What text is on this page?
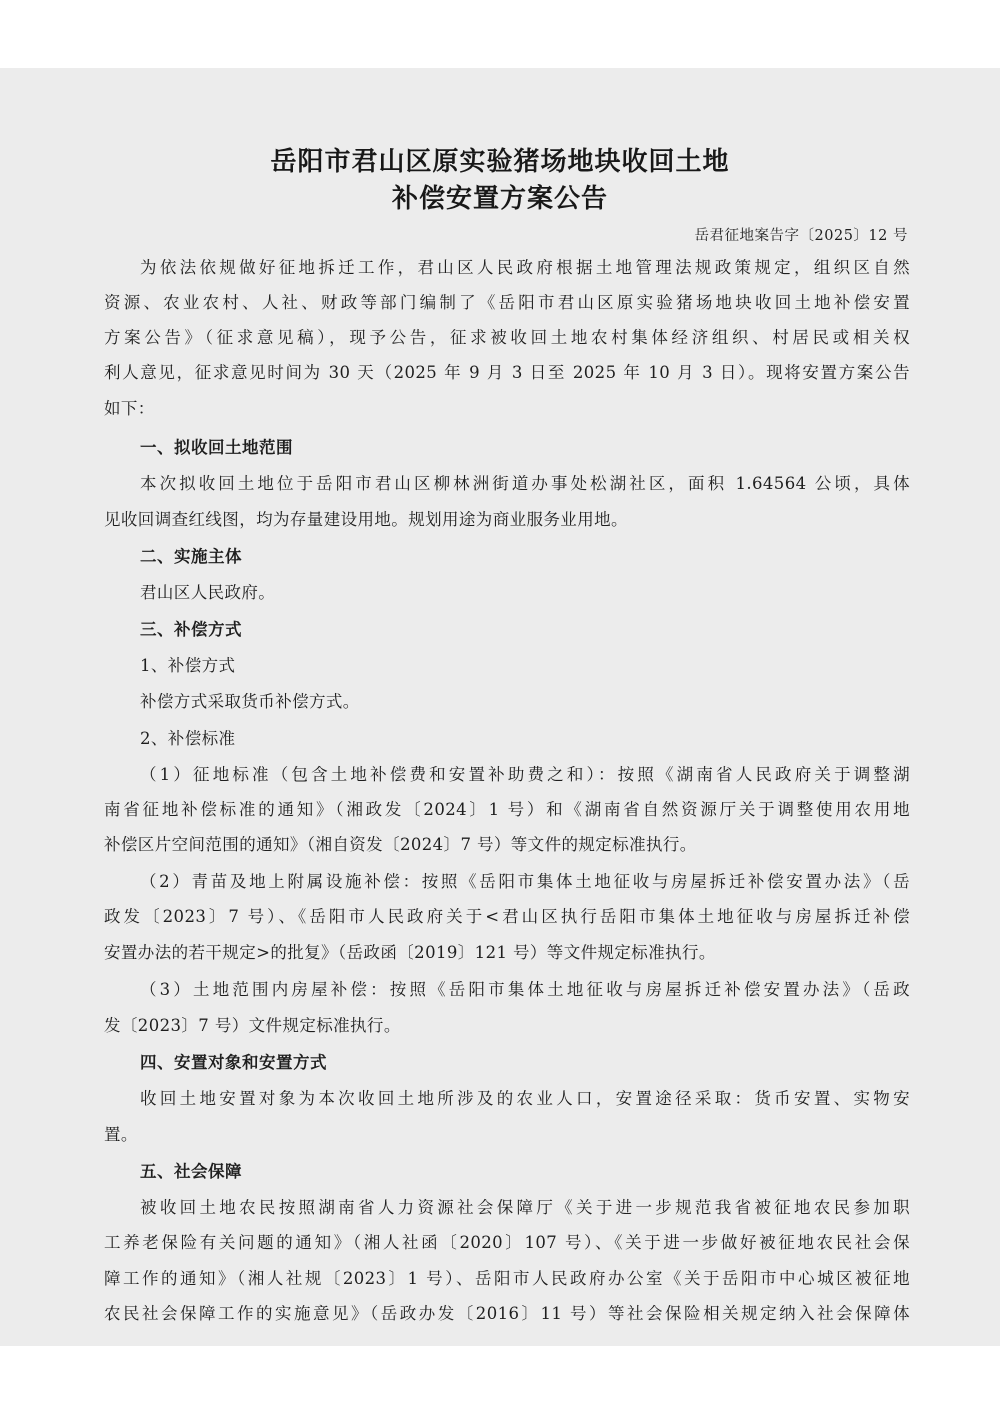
岳阳市君山区原实验猪场地块收回土地
补偿安置方案公告
岳君征地案告字〔2025〕12 号
为依法依规做好征地拆迁工作，君山区人民政府根据土地管理法规政策规定，组织区自然
资源、农业农村、人社、财政等部门编制了《岳阳市君山区原实验猪场地块收回土地补偿安置
方案公告》（征求意见稿），现予公告，征求被收回土地农村集体经济组织、村居民或相关权
利人意见，征求意见时间为 30 天（2025 年 9 月 3 日至 2025 年 10 月 3 日）。现将安置方案公告
如下：
一、拟收回土地范围
本次拟收回土地位于岳阳市君山区柳林洲街道办事处松湖社区，面积 1.64564 公顷，具体
见收回调查红线图，均为存量建设用地。规划用途为商业服务业用地。
二、实施主体
君山区人民政府。
三、补偿方式
1、补偿方式
补偿方式采取货币补偿方式。
2、补偿标准
（1）征地标准（包含土地补偿费和安置补助费之和）：按照《湖南省人民政府关于调整湖
南省征地补偿标准的通知》（湘政发〔2024〕1 号）和《湖南省自然资源厅关于调整使用农用地
补偿区片空间范围的通知》（湘自资发〔2024〕7 号）等文件的规定标准执行。
（2）青苗及地上附属设施补偿：按照《岳阳市集体土地征收与房屋拆迁补偿安置办法》（岳
政发〔2023〕7 号）、《岳阳市人民政府关于<君山区执行岳阳市集体土地征收与房屋拆迁补偿
安置办法的若干规定>的批复》（岳政函〔2019〕121 号）等文件规定标准执行。
（3）土地范围内房屋补偿：按照《岳阳市集体土地征收与房屋拆迁补偿安置办法》（岳政
发〔2023〕7 号）文件规定标准执行。
四、安置对象和安置方式
收回土地安置对象为本次收回土地所涉及的农业人口，安置途径采取：货币安置、实物安
置。
五、社会保障
被收回土地农民按照湖南省人力资源社会保障厅《关于进一步规范我省被征地农民参加职
工养老保险有关问题的通知》（湘人社函〔2020〕107 号）、《关于进一步做好被征地农民社会保
障工作的通知》（湘人社规〔2023〕1 号）、岳阳市人民政府办公室《关于岳阳市中心城区被征地
农民社会保障工作的实施意见》（岳政办发〔2016〕11 号）等社会保险相关规定纳入社会保障体
